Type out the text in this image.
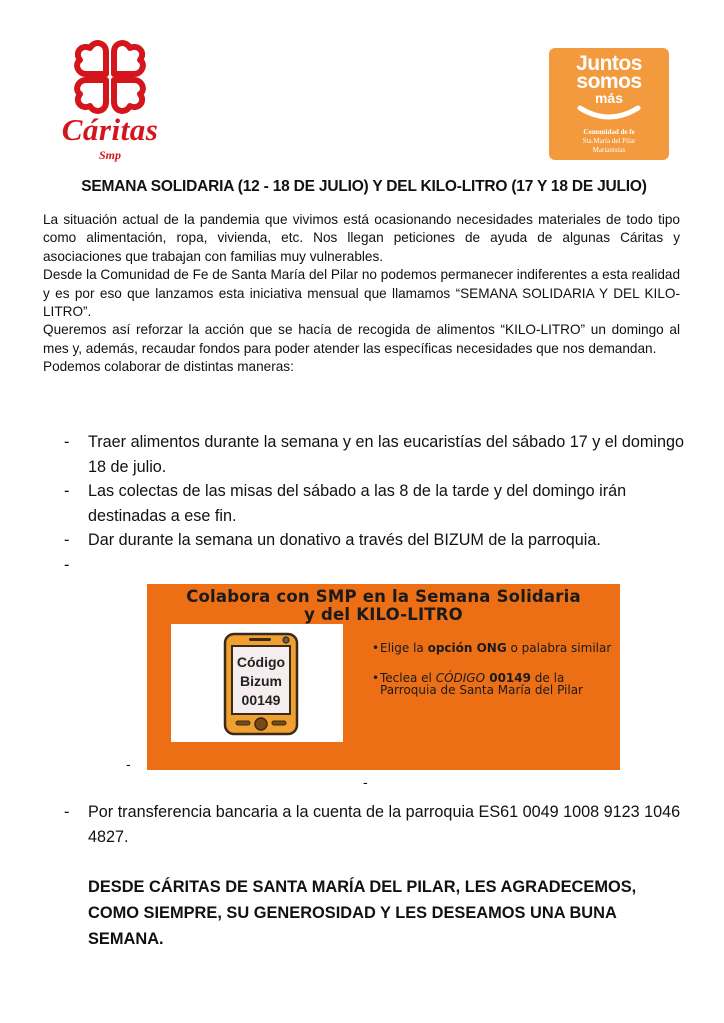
Cáritas
Smp
Juntos
somos
más
Comunidad de fe
Sta.María del Pilar
Marianistas
SEMANA SOLIDARIA (12 - 18 DE JULIO) Y DEL KILO-LITRO (17 Y 18 DE JULIO)

La situación actual de la pandemia que vivimos está ocasionando necesidades materiales de todo tipo como alimentación, ropa, vivienda, etc. Nos llegan peticiones de ayuda de algunas Cáritas y asociaciones que trabajan con familias muy vulnerables.

Desde la Comunidad de Fe de Santa María del Pilar no podemos permanecer indiferentes a esta realidad y es por eso que lanzamos esta iniciativa mensual que llamamos “SEMANA SOLIDARIA Y DEL KILO-LITRO”.

Queremos así reforzar la acción que se hacía de recogida de alimentos “KILO-LITRO” un domingo al mes y, además, recaudar fondos para poder atender las específicas necesidades que nos demandan.

Podemos colaborar de distintas maneras:

- Traer alimentos durante la semana y en las eucaristías del sábado 17 y el domingo 18 de julio.
- Las colectas de las misas del sábado a las 8 de la tarde y del domingo irán destinadas a ese fin.
- Dar durante la semana un donativo a través del BIZUM de la parroquia.
-

Colabora con SMP en la Semana Solidaria
y del KILO-LITRO
Código
Bizum
00149
• Elige la opción ONG o palabra similar
• Teclea el CÓDIGO 00149 de la Parroquia de Santa María del Pilar
-
-
- Por transferencia bancaria a la cuenta de la parroquia ES61 0049 1008 9123 1046 4827.
DESDE CÁRITAS DE SANTA MARÍA DEL PILAR, LES AGRADECEMOS, COMO SIEMPRE, SU GENEROSIDAD Y LES DESEAMOS UNA BUNA SEMANA.
